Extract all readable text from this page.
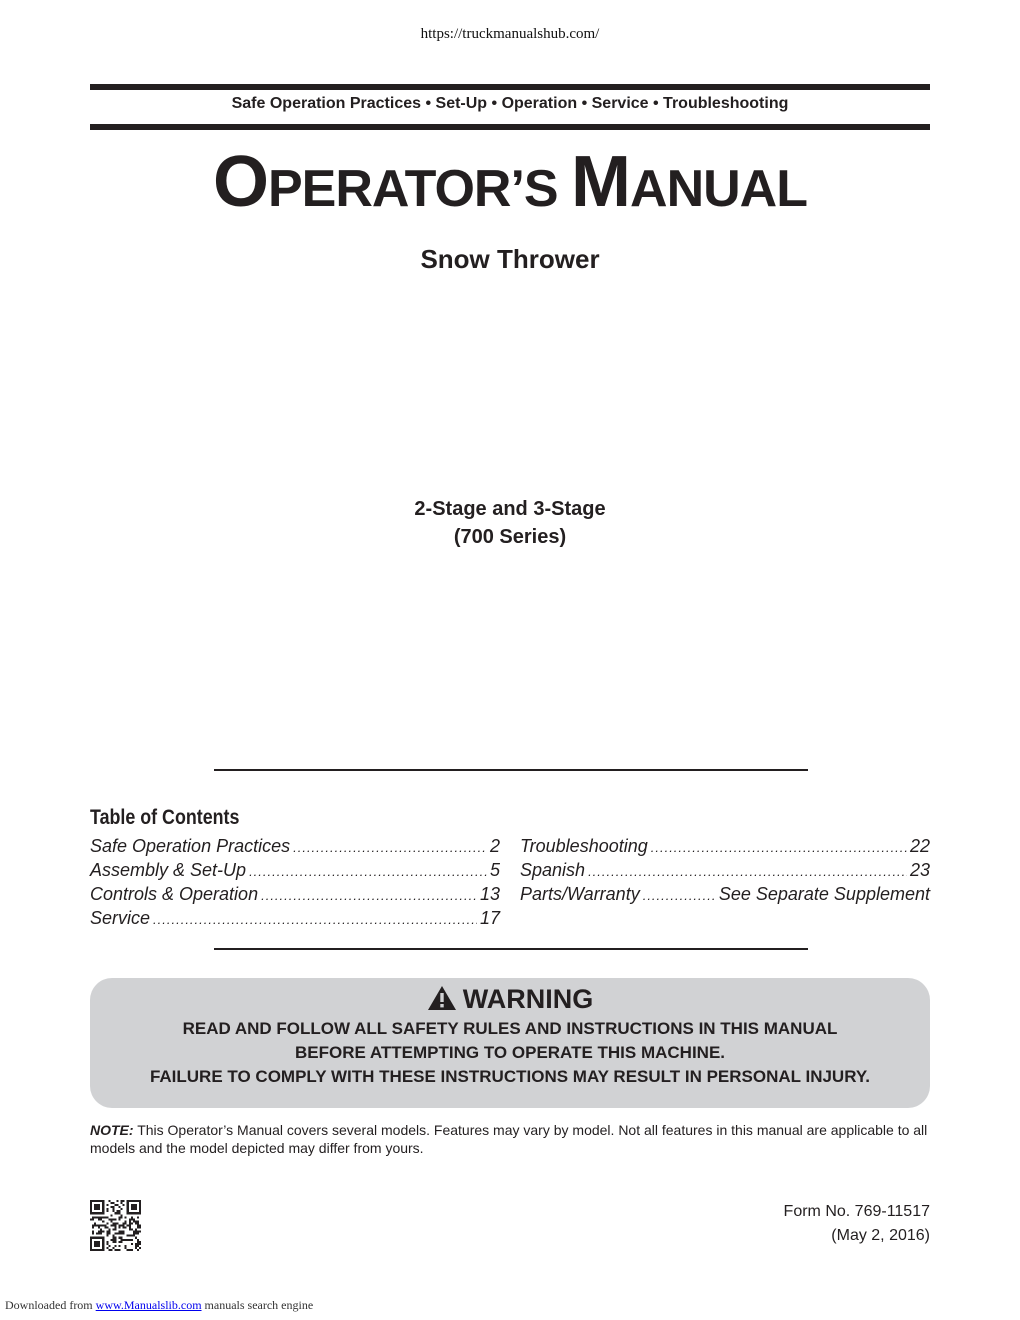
https://truckmanualshub.com/
Safe Operation Practices • Set-Up • Operation • Service • Troubleshooting
OPERATOR’S MANUAL
Snow Thrower
2-Stage and 3-Stage
(700 Series)
Table of Contents
Safe Operation Practices .....	2
Assembly & Set-Up .....	5
Controls & Operation .....	13
Service .....	17
Troubleshooting .....	22
Spanish .....	23
Parts/Warranty .....	See Separate Supplement
WARNING
READ AND FOLLOW ALL SAFETY RULES AND INSTRUCTIONS IN THIS MANUAL
BEFORE ATTEMPTING TO OPERATE THIS MACHINE.
FAILURE TO COMPLY WITH THESE INSTRUCTIONS MAY RESULT IN PERSONAL INJURY.
NOTE: This Operator’s Manual covers several models. Features may vary by model. Not all features in this manual are applicable to all models and the model depicted may differ from yours.
Form No. 769-11517
(May 2, 2016)
Downloaded from www.Manualslib.com manuals search engine
